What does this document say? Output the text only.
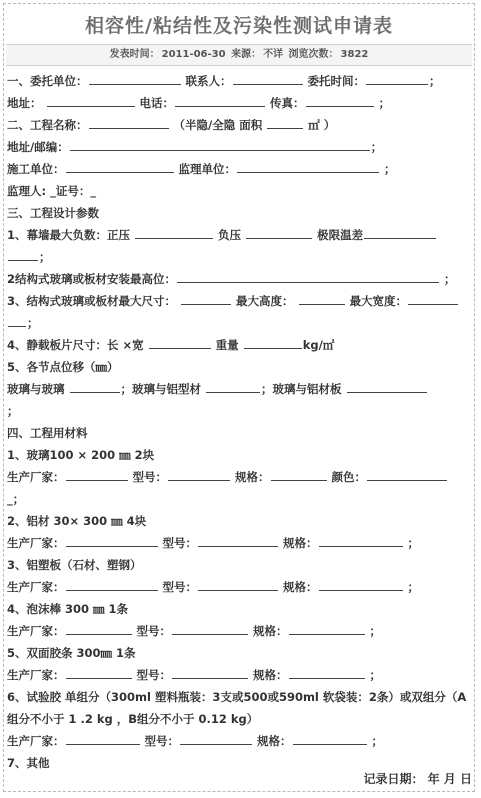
相容性/粘结性及污染性测试申请表
发表时间： 2011-06-30 来源： 不详 浏览次数： 3822
一、委托单位：	联系人：	委托时间：	；
地址：	电话：	传真：	；
二、工程名称：	（半隐/全隐 面积	㎡ ）
地址/邮编：	；
施工单位：	监理单位：	；
监理人: _证号：_
三、工程设计参数
1、幕墙最大负数：正压	负压	极限温差
；
2结构式玻璃或板材安装最高位：	；
3、结构式玻璃或板材最大尺寸：	最大高度：	最大宽度：
；
4、静载板片尺寸：长 ×宽	重量	kg/㎡
5、各节点位移（㎜）
玻璃与玻璃	；玻璃与铝型材	；玻璃与铝材板
；
四、工程用材料
1、玻璃100 × 200 ㎜ 2块
生产厂家：	型号：	规格：	颜色：
_；
2、铝材 30× 300 ㎜ 4块
生产厂家：	型号：	规格：	；
3、铝塑板（石材、塑钢）
生产厂家：	型号：	规格：	；
4、泡沫棒 300 ㎜ 1条
生产厂家：	型号：	规格：	；
5、双面胶条 300㎜ 1条
生产厂家：	型号：	规格：	；
6、试验胶 单组分（300ml 塑料瓶装：3支或500或590ml 软袋装：2条）或双组分（A
组分不小于 1 .2 kg ，B组分不小于 0.12 kg）
生产厂家：	型号：	规格：	；
7、其他
记录日期： 年 月 日
